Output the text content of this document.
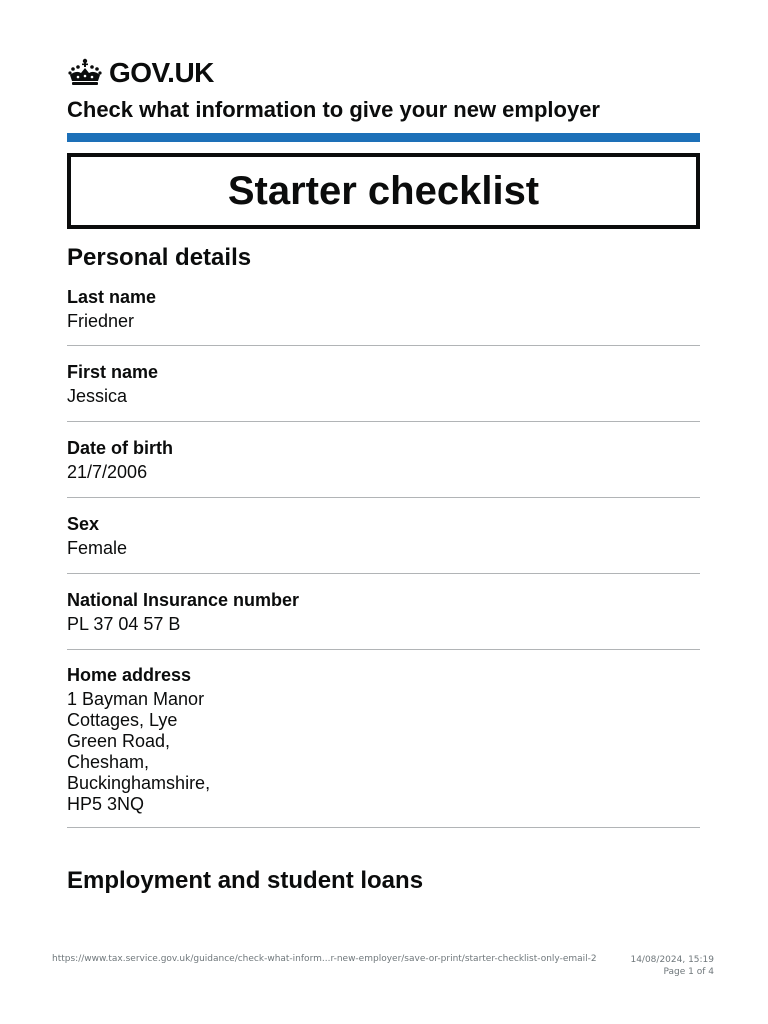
GOV.UK
Check what information to give your new employer
Starter checklist
Personal details
Last name
Friedner
First name
Jessica
Date of birth
21/7/2006
Sex
Female
National Insurance number
PL 37 04 57 B
Home address
1 Bayman Manor
Cottages, Lye
Green Road,
Chesham,
Buckinghamshire,
HP5 3NQ
Employment and student loans
https://www.tax.service.gov.uk/guidance/check-what-inform...r-new-employer/save-or-print/starter-checklist-only-email-2	14/08/2024, 15:19
Page 1 of 4
